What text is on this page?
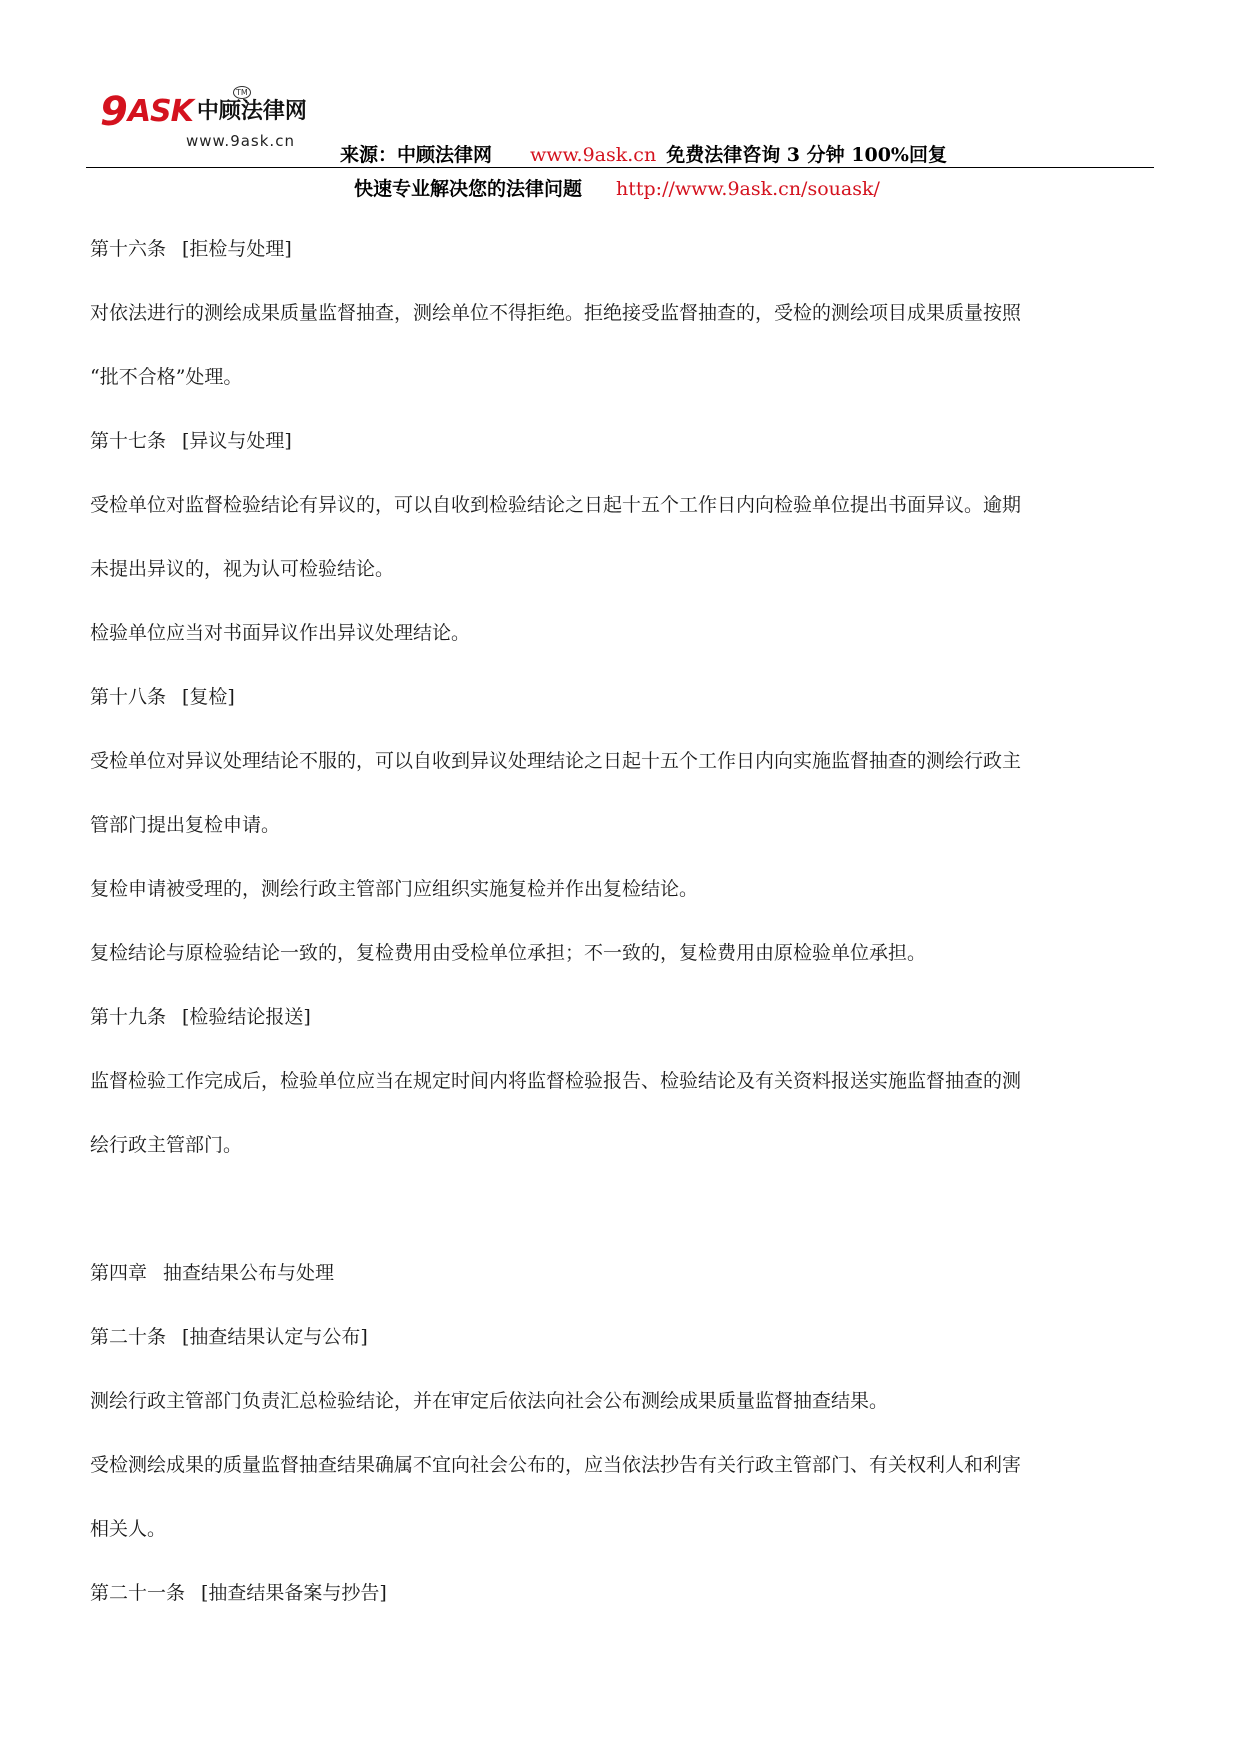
9ASK 中顾法律网
TM
www.9ask.cn
来源：中顾法律网 www.9ask.cn 免费法律咨询 3 分钟 100%回复
快速专业解决您的法律问题 http://www.9ask.cn/souask/

第十六条 [拒检与处理]

对依法进行的测绘成果质量监督抽查，测绘单位不得拒绝。拒绝接受监督抽查的，受检的测绘项目成果质量按照

“批不合格”处理。

第十七条 [异议与处理]

受检单位对监督检验结论有异议的，可以自收到检验结论之日起十五个工作日内向检验单位提出书面异议。逾期

未提出异议的，视为认可检验结论。

检验单位应当对书面异议作出异议处理结论。

第十八条 [复检]

受检单位对异议处理结论不服的，可以自收到异议处理结论之日起十五个工作日内向实施监督抽查的测绘行政主

管部门提出复检申请。

复检申请被受理的，测绘行政主管部门应组织实施复检并作出复检结论。

复检结论与原检验结论一致的，复检费用由受检单位承担；不一致的，复检费用由原检验单位承担。

第十九条 [检验结论报送]

监督检验工作完成后，检验单位应当在规定时间内将监督检验报告、检验结论及有关资料报送实施监督抽查的测

绘行政主管部门。

第四章 抽查结果公布与处理

第二十条 [抽查结果认定与公布]

测绘行政主管部门负责汇总检验结论，并在审定后依法向社会公布测绘成果质量监督抽查结果。

受检测绘成果的质量监督抽查结果确属不宜向社会公布的，应当依法抄告有关行政主管部门、有关权利人和利害

相关人。

第二十一条 [抽查结果备案与抄告]
